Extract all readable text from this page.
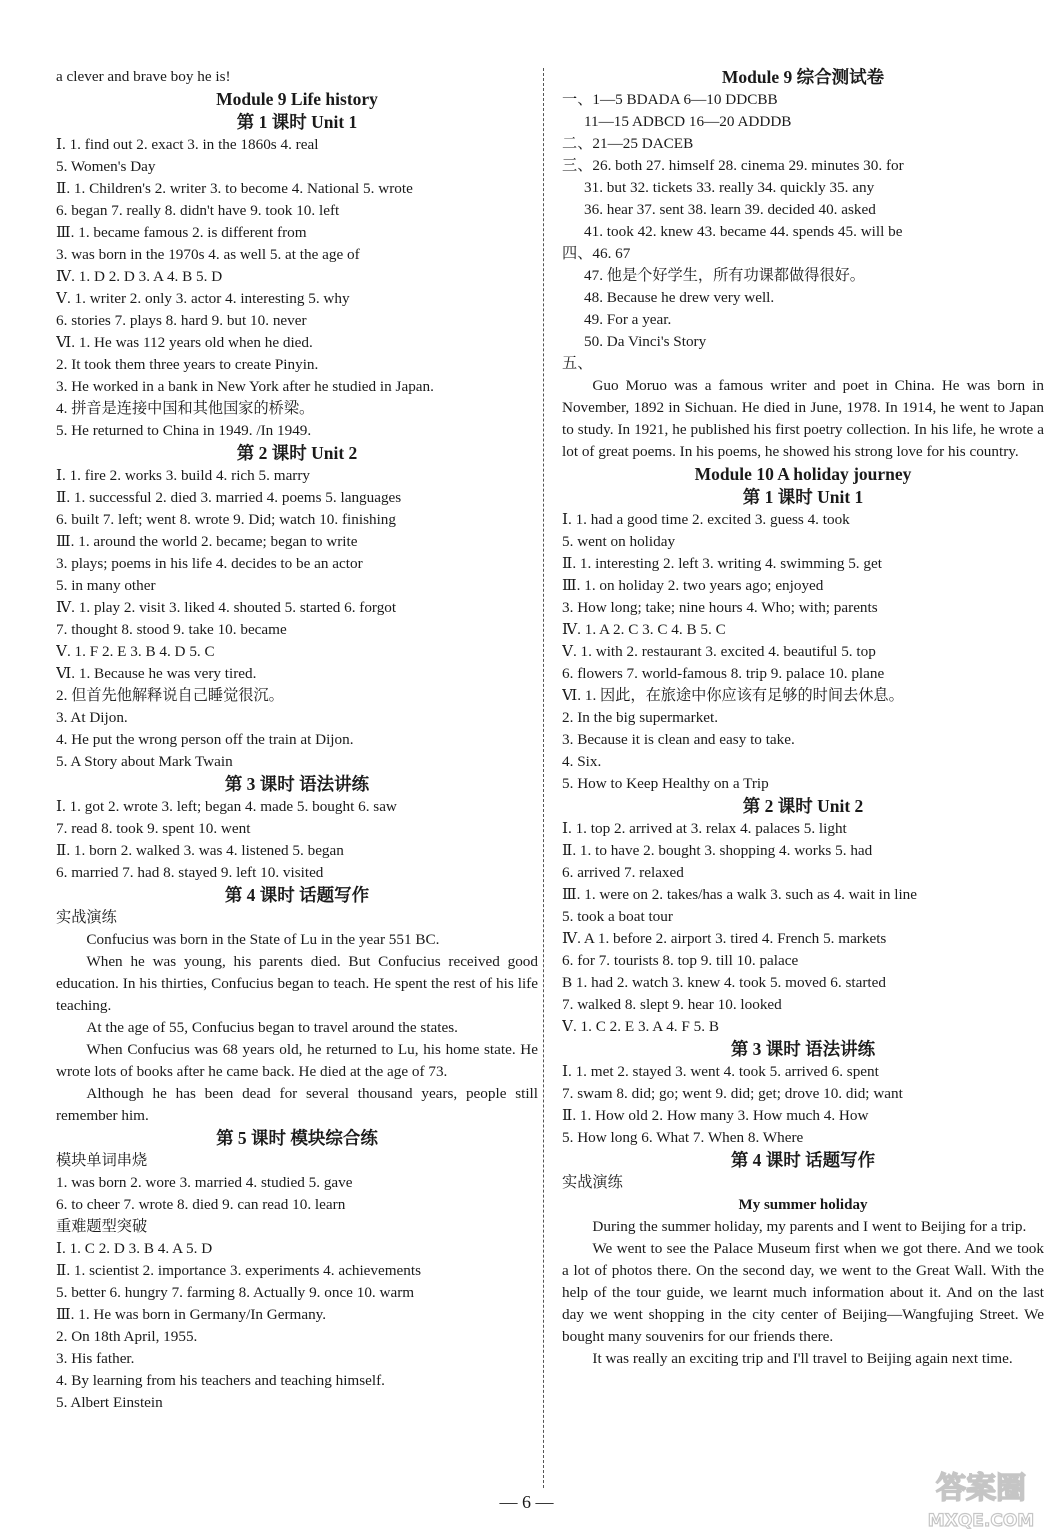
a clever and brave boy he is!
Module 9 Life history
第 1 课时 Unit 1
Ⅰ. 1. find out 2. exact 3. in the 1860s 4. real
5. Women's Day
Ⅱ. 1. Children's 2. writer 3. to become 4. National 5. wrote
6. began 7. really 8. didn't have 9. took 10. left
Ⅲ. 1. became famous 2. is different from
3. was born in the 1970s 4. as well 5. at the age of
Ⅳ. 1. D 2. D 3. A 4. B 5. D
Ⅴ. 1. writer 2. only 3. actor 4. interesting 5. why
6. stories 7. plays 8. hard 9. but 10. never
Ⅵ. 1. He was 112 years old when he died.
2. It took them three years to create Pinyin.
3. He worked in a bank in New York after he studied in Japan.
4. 拼音是连接中国和其他国家的桥梁。
5. He returned to China in 1949. /In 1949.
第 2 课时 Unit 2
Ⅰ. 1. fire 2. works 3. build 4. rich 5. marry
Ⅱ. 1. successful 2. died 3. married 4. poems 5. languages
6. built 7. left; went 8. wrote 9. Did; watch 10. finishing
Ⅲ. 1. around the world 2. became; began to write
3. plays; poems in his life 4. decides to be an actor
5. in many other
Ⅳ. 1. play 2. visit 3. liked 4. shouted 5. started 6. forgot
7. thought 8. stood 9. take 10. became
Ⅴ. 1. F 2. E 3. B 4. D 5. C
Ⅵ. 1. Because he was very tired.
2. 但首先他解释说自己睡觉很沉。
3. At Dijon.
4. He put the wrong person off the train at Dijon.
5. A Story about Mark Twain
第 3 课时 语法讲练
Ⅰ. 1. got 2. wrote 3. left; began 4. made 5. bought 6. saw
7. read 8. took 9. spent 10. went
Ⅱ. 1. born 2. walked 3. was 4. listened 5. began
6. married 7. had 8. stayed 9. left 10. visited
第 4 课时 话题写作
实战演练
Confucius was born in the State of Lu in the year 551 BC.
When he was young, his parents died. But Confucius received good education. In his thirties, Confucius began to teach. He spent the rest of his life teaching.
At the age of 55, Confucius began to travel around the states.
When Confucius was 68 years old, he returned to Lu, his home state. He wrote lots of books after he came back. He died at the age of 73.
Although he has been dead for several thousand years, people still remember him.
第 5 课时 模块综合练
模块单词串烧
1. was born 2. wore 3. married 4. studied 5. gave
6. to cheer 7. wrote 8. died 9. can read 10. learn
重难题型突破
Ⅰ. 1. C 2. D 3. B 4. A 5. D
Ⅱ. 1. scientist 2. importance 3. experiments 4. achievements
5. better 6. hungry 7. farming 8. Actually 9. once 10. warm
Ⅲ. 1. He was born in Germany/In Germany.
2. On 18th April, 1955.
3. His father.
4. By learning from his teachers and teaching himself.
5. Albert Einstein
Module 9 综合测试卷
一、1—5 BDADA 6—10 DDCBB
11—15 ADBCD 16—20 ADDDB
二、21—25 DACEB
三、26. both 27. himself 28. cinema 29. minutes 30. for
31. but 32. tickets 33. really 34. quickly 35. any
36. hear 37. sent 38. learn 39. decided 40. asked
41. took 42. knew 43. became 44. spends 45. will be
四、46. 67
47. 他是个好学生，所有功课都做得很好。
48. Because he drew very well.
49. For a year.
50. Da Vinci's Story
五、
Guo Moruo was a famous writer and poet in China. He was born in November, 1892 in Sichuan. He died in June, 1978. In 1914, he went to Japan to study. In 1921, he published his first poetry collection. In his life, he wrote a lot of great poems. In his poems, he showed his strong love for his country.
Module 10 A holiday journey
第 1 课时 Unit 1
Ⅰ. 1. had a good time 2. excited 3. guess 4. took
5. went on holiday
Ⅱ. 1. interesting 2. left 3. writing 4. swimming 5. get
Ⅲ. 1. on holiday 2. two years ago; enjoyed
3. How long; take; nine hours 4. Who; with; parents
Ⅳ. 1. A 2. C 3. C 4. B 5. C
Ⅴ. 1. with 2. restaurant 3. excited 4. beautiful 5. top
6. flowers 7. world-famous 8. trip 9. palace 10. plane
Ⅵ. 1. 因此，在旅途中你应该有足够的时间去休息。
2. In the big supermarket.
3. Because it is clean and easy to take.
4. Six.
5. How to Keep Healthy on a Trip
第 2 课时 Unit 2
Ⅰ. 1. top 2. arrived at 3. relax 4. palaces 5. light
Ⅱ. 1. to have 2. bought 3. shopping 4. works 5. had
6. arrived 7. relaxed
Ⅲ. 1. were on 2. takes/has a walk 3. such as 4. wait in line
5. took a boat tour
Ⅳ. A 1. before 2. airport 3. tired 4. French 5. markets
6. for 7. tourists 8. top 9. till 10. palace
B 1. had 2. watch 3. knew 4. took 5. moved 6. started
7. walked 8. slept 9. hear 10. looked
Ⅴ. 1. C 2. E 3. A 4. F 5. B
第 3 课时 语法讲练
Ⅰ. 1. met 2. stayed 3. went 4. took 5. arrived 6. spent
7. swam 8. did; go; went 9. did; get; drove 10. did; want
Ⅱ. 1. How old 2. How many 3. How much 4. How
5. How long 6. What 7. When 8. Where
第 4 课时 话题写作
实战演练
My summer holiday
During the summer holiday, my parents and I went to Beijing for a trip.
We went to see the Palace Museum first when we got there. And we took a lot of photos there. On the second day, we went to the Great Wall. With the help of the tour guide, we learnt much information about it. And on the last day we went shopping in the city center of Beijing—Wangfujing Street. We bought many souvenirs for our friends there.
It was really an exciting trip and I'll travel to Beijing again next time.
— 6 —	答案圈
MXQE.COM
